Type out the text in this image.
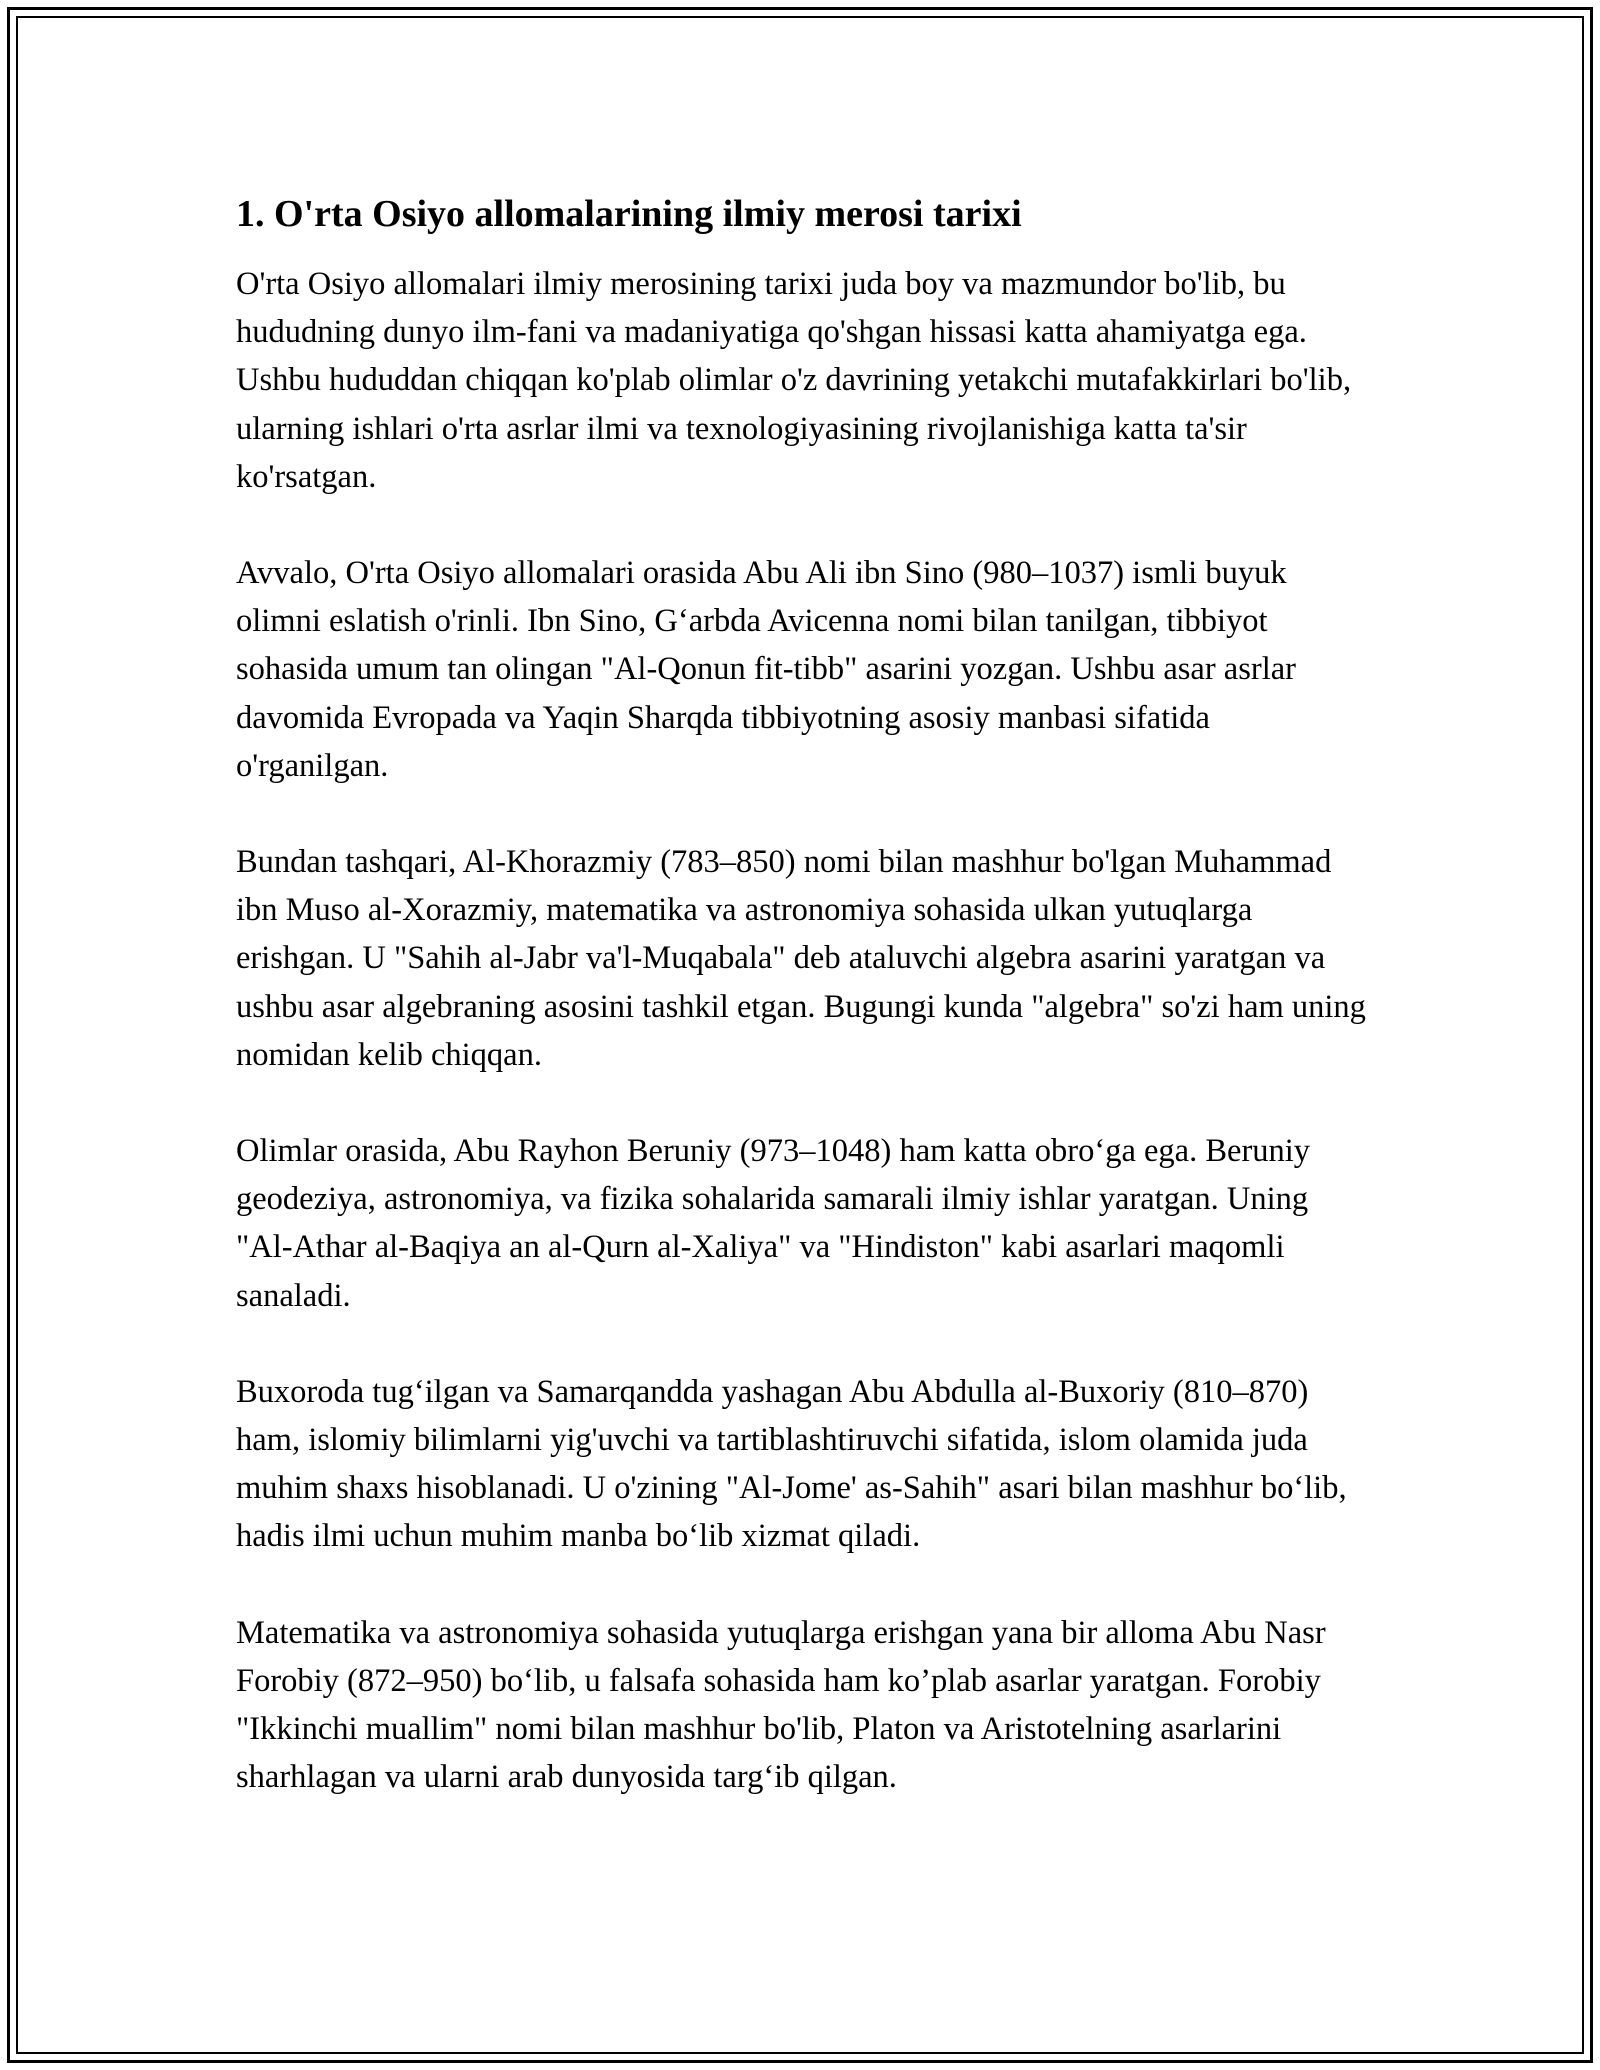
1. O'rta Osiyo allomalarining ilmiy merosi tarixi

O'rta Osiyo allomalari ilmiy merosining tarixi juda boy va mazmundor bo'lib, bu hududning dunyo ilm-fani va madaniyatiga qo'shgan hissasi katta ahamiyatga ega. Ushbu hududdan chiqqan ko'plab olimlar o'z davrining yetakchi mutafakkirlari bo'lib, ularning ishlari o'rta asrlar ilmi va texnologiyasining rivojlanishiga katta ta'sir ko'rsatgan.

Avvalo, O'rta Osiyo allomalari orasida Abu Ali ibn Sino (980–1037) ismli buyuk olimni eslatish o'rinli. Ibn Sino, G‘arbda Avicenna nomi bilan tanilgan, tibbiyot sohasida umum tan olingan "Al-Qonun fit-tibb" asarini yozgan. Ushbu asar asrlar davomida Evropada va Yaqin Sharqda tibbiyotning asosiy manbasi sifatida o'rganilgan.

Bundan tashqari, Al-Khorazmiy (783–850) nomi bilan mashhur bo'lgan Muhammad ibn Muso al-Xorazmiy, matematika va astronomiya sohasida ulkan yutuqlarga erishgan. U "Sahih al-Jabr va'l-Muqabala" deb ataluvchi algebra asarini yaratgan va ushbu asar algebraning asosini tashkil etgan. Bugungi kunda "algebra" so'zi ham uning nomidan kelib chiqqan.

Olimlar orasida, Abu Rayhon Beruniy (973–1048) ham katta obro‘ga ega. Beruniy geodeziya, astronomiya, va fizika sohalarida samarali ilmiy ishlar yaratgan. Uning "Al-Athar al-Baqiya an al-Qurn al-Xaliya" va "Hindiston" kabi asarlari maqomli sanaladi.

Buxoroda tug‘ilgan va Samarqandda yashagan Abu Abdulla al-Buxoriy (810–870) ham, islomiy bilimlarni yig'uvchi va tartiblashtiruvchi sifatida, islom olamida juda muhim shaxs hisoblanadi. U o'zining "Al-Jome' as-Sahih" asari bilan mashhur bo‘lib, hadis ilmi uchun muhim manba bo‘lib xizmat qiladi.

Matematika va astronomiya sohasida yutuqlarga erishgan yana bir alloma Abu Nasr Forobiy (872–950) bo‘lib, u falsafa sohasida ham ko’plab asarlar yaratgan. Forobiy "Ikkinchi muallim" nomi bilan mashhur bo'lib, Platon va Aristotelning asarlarini sharhlagan va ularni arab dunyosida targ‘ib qilgan.
